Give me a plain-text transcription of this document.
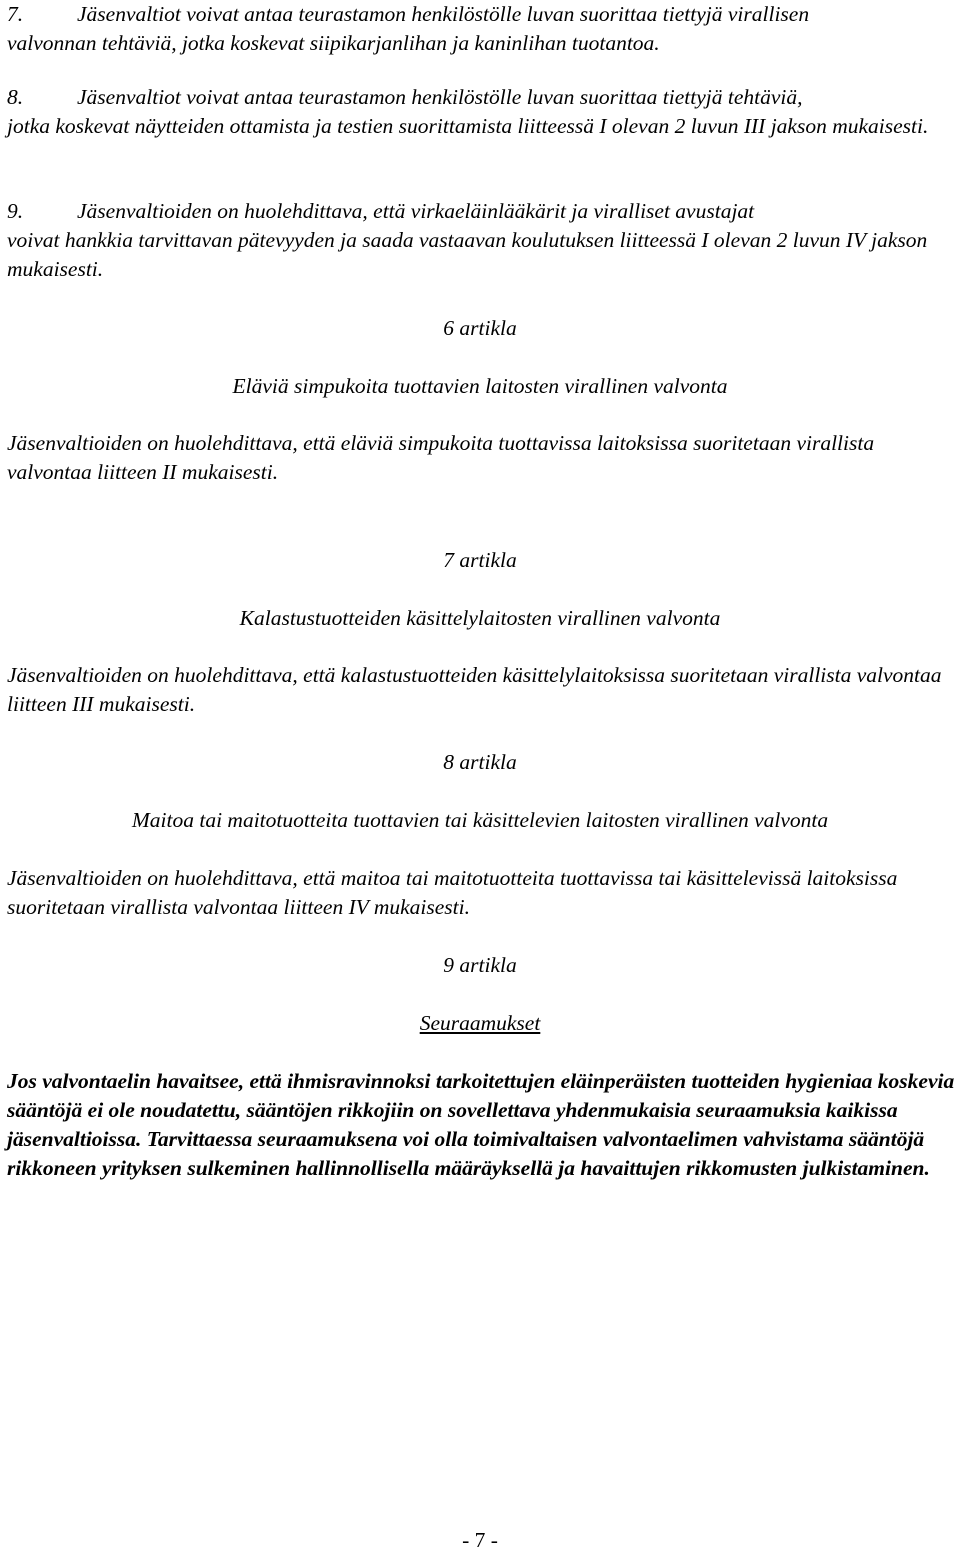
7.	Jäsenvaltiot voivat antaa teurastamon henkilöstölle luvan suorittaa tiettyjä virallisen
valvonnan tehtäviä, jotka koskevat siipikarjanlihan ja kaninlihan tuotantoa.

8.	Jäsenvaltiot voivat antaa teurastamon henkilöstölle luvan suorittaa tiettyjä tehtäviä,
jotka koskevat näytteiden ottamista ja testien suorittamista liitteessä I olevan 2 luvun III jakson mukaisesti.

9.	Jäsenvaltioiden on huolehdittava, että virkaeläinlääkärit ja viralliset avustajat
voivat hankkia tarvittavan pätevyyden ja saada vastaavan koulutuksen liitteessä I olevan 2 luvun IV jakson mukaisesti.

6 artikla

Eläviä simpukoita tuottavien laitosten virallinen valvonta

Jäsenvaltioiden on huolehdittava, että eläviä simpukoita tuottavissa laitoksissa suoritetaan virallista valvontaa liitteen II mukaisesti.

7 artikla

Kalastustuotteiden käsittelylaitosten virallinen valvonta

Jäsenvaltioiden on huolehdittava, että kalastustuotteiden käsittelylaitoksissa suoritetaan virallista valvontaa liitteen III mukaisesti.

8 artikla

Maitoa tai maitotuotteita tuottavien tai käsittelevien laitosten virallinen valvonta

Jäsenvaltioiden on huolehdittava, että maitoa tai maitotuotteita tuottavissa tai käsittelevissä laitoksissa suoritetaan virallista valvontaa liitteen IV mukaisesti.

9 artikla

Seuraamukset

Jos valvontaelin havaitsee, että ihmisravinnoksi tarkoitettujen eläinperäisten tuotteiden hygieniaa koskevia sääntöjä ei ole noudatettu, sääntöjen rikkojiin on sovellettava yhdenmukaisia seuraamuksia kaikissa jäsenvaltioissa. Tarvittaessa seuraamuksena voi olla toimivaltaisen valvontaelimen vahvistama sääntöjä rikkoneen yrityksen sulkeminen hallinnollisella määräyksellä ja havaittujen rikkomusten julkistaminen.

- 7 -
